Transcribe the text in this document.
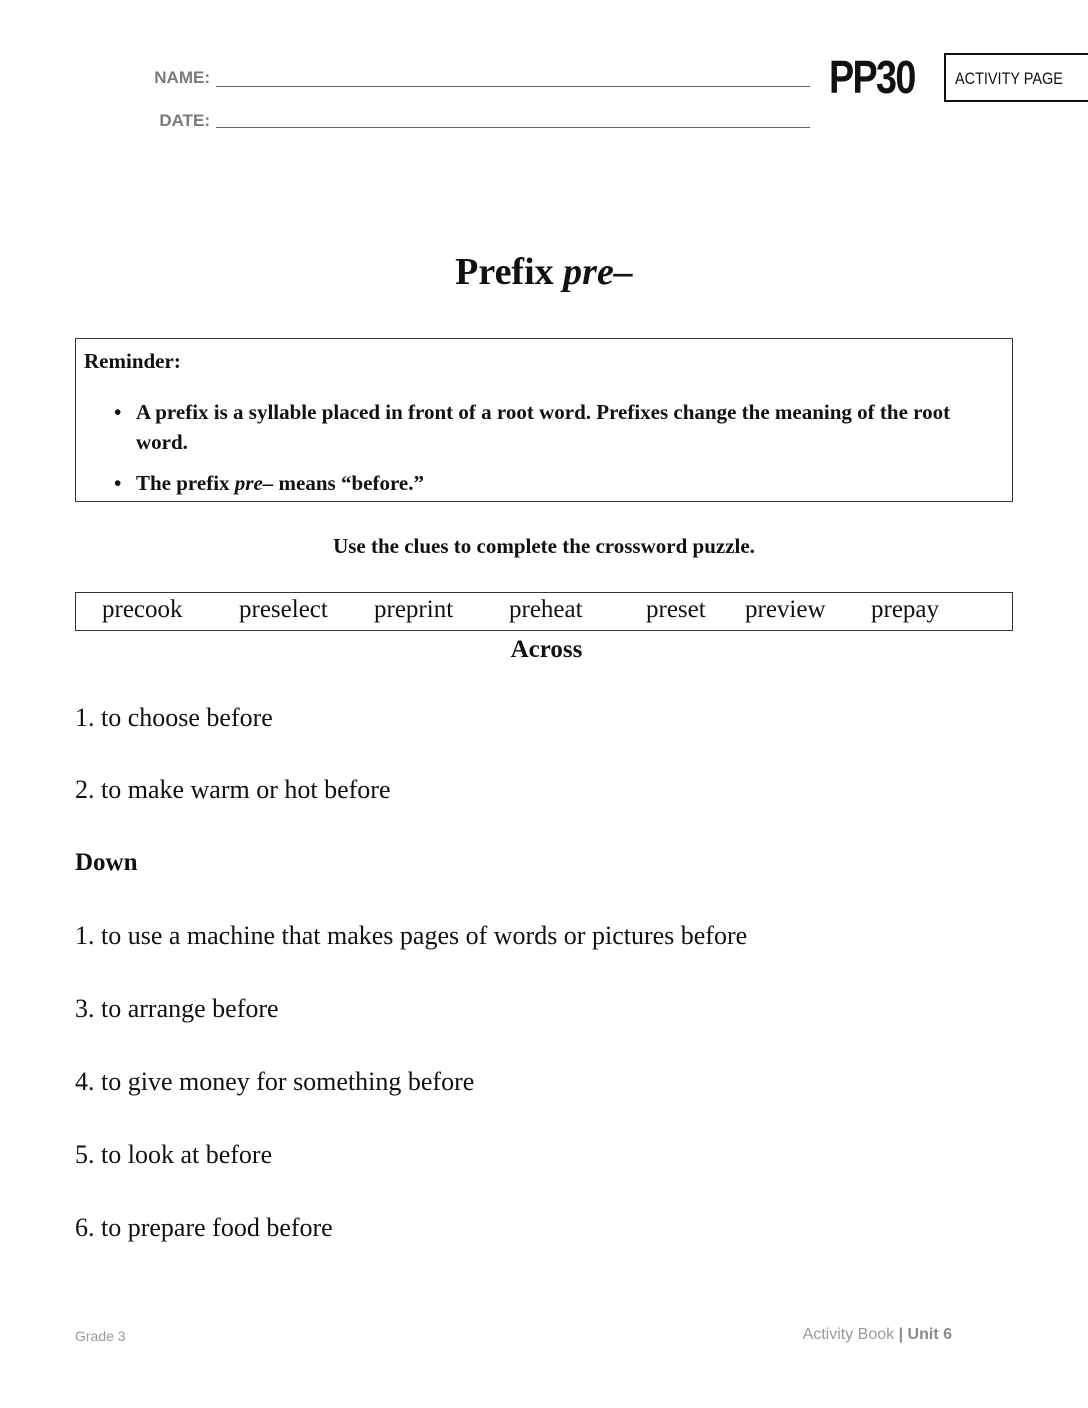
NAME:
DATE:
PP30 ACTIVITY PAGE
Prefix pre–
Reminder:
• A prefix is a syllable placed in front of a root word. Prefixes change the meaning of the root word.
• The prefix pre– means “before.”
Use the clues to complete the crossword puzzle.
precook preselect preprint preheat	preset preview prepay
Across
1. to choose before
2. to make warm or hot before
Down
1. to use a machine that makes pages of words or pictures before
3. to arrange before
4. to give money for something before
5. to look at before
6. to prepare food before
Grade 3	Activity Book | Unit 6
